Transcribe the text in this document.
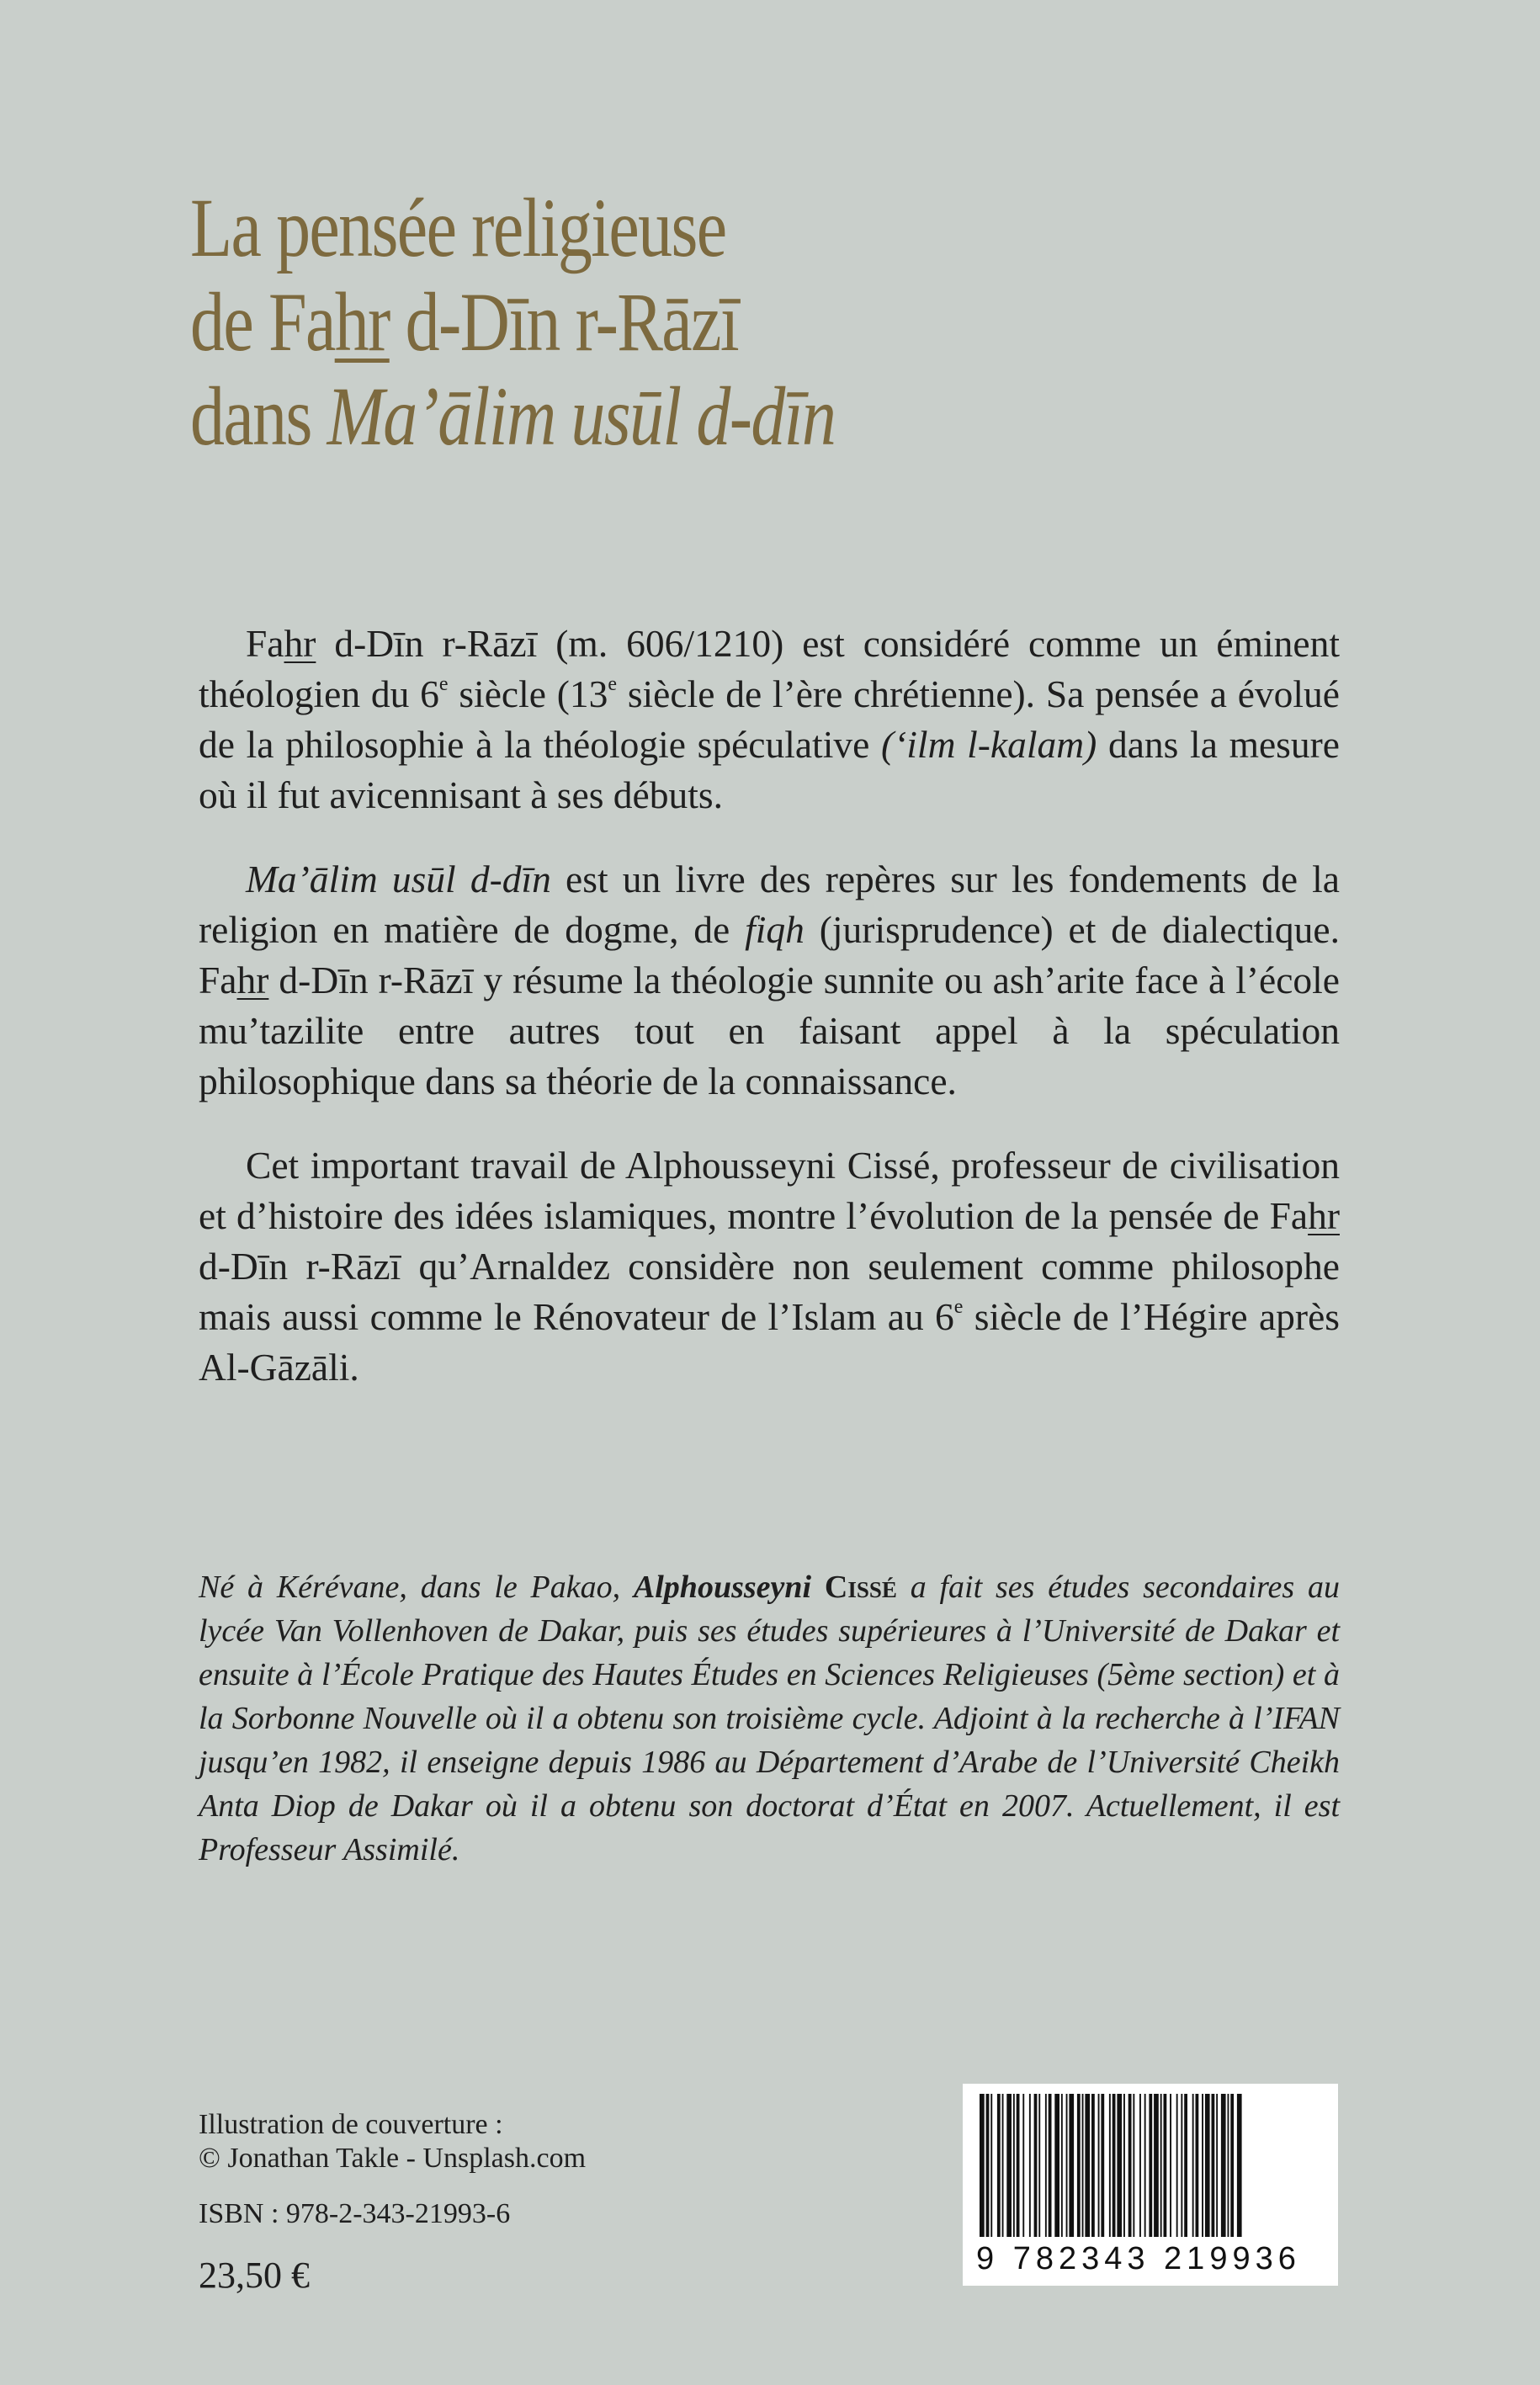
La pensée religieuse
de Fahr d-Dīn r-Rāzī
dans Ma’ālim usūl d-dīn

Fahr d-Dīn r-Rāzī (m. 606/1210) est considéré comme un éminent théologien du 6e siècle (13e siècle de l’ère chrétienne). Sa pensée a évolué de la philosophie à la théologie spéculative (‘ilm l-kalam) dans la mesure où il fut avicennisant à ses débuts.

Ma’ālim usūl d-dīn est un livre des repères sur les fondements de la religion en matière de dogme, de fiqh (jurisprudence) et de dialectique. Fahr d-Dīn r-Rāzī y résume la théologie sunnite ou ash’arite face à l’école mu’tazilite entre autres tout en faisant appel à la spéculation philosophique dans sa théorie de la connaissance.

Cet important travail de Alphousseyni Cissé, professeur de civilisation et d’histoire des idées islamiques, montre l’évolution de la pensée de Fahr d-Dīn r-Rāzī qu’Arnaldez considère non seulement comme philosophe mais aussi comme le Rénovateur de l’Islam au 6e siècle de l’Hégire après Al-Gāzāli.

Né à Kérévane, dans le Pakao, Alphousseyni Cissé a fait ses études secondaires au lycée Van Vollenhoven de Dakar, puis ses études supérieures à l’Université de Dakar et ensuite à l’École Pratique des Hautes Études en Sciences Religieuses (5ème section) et à la Sorbonne Nouvelle où il a obtenu son troisième cycle. Adjoint à la recherche à l’IFAN jusqu’en 1982, il enseigne depuis 1986 au Département d’Arabe de l’Université Cheikh Anta Diop de Dakar où il a obtenu son doctorat d’État en 2007. Actuellement, il est Professeur Assimilé.
Illustration de couverture :
© Jonathan Takle - Unsplash.com
ISBN : 978-2-343-21993-6
23,50 €	9 782343 219936
